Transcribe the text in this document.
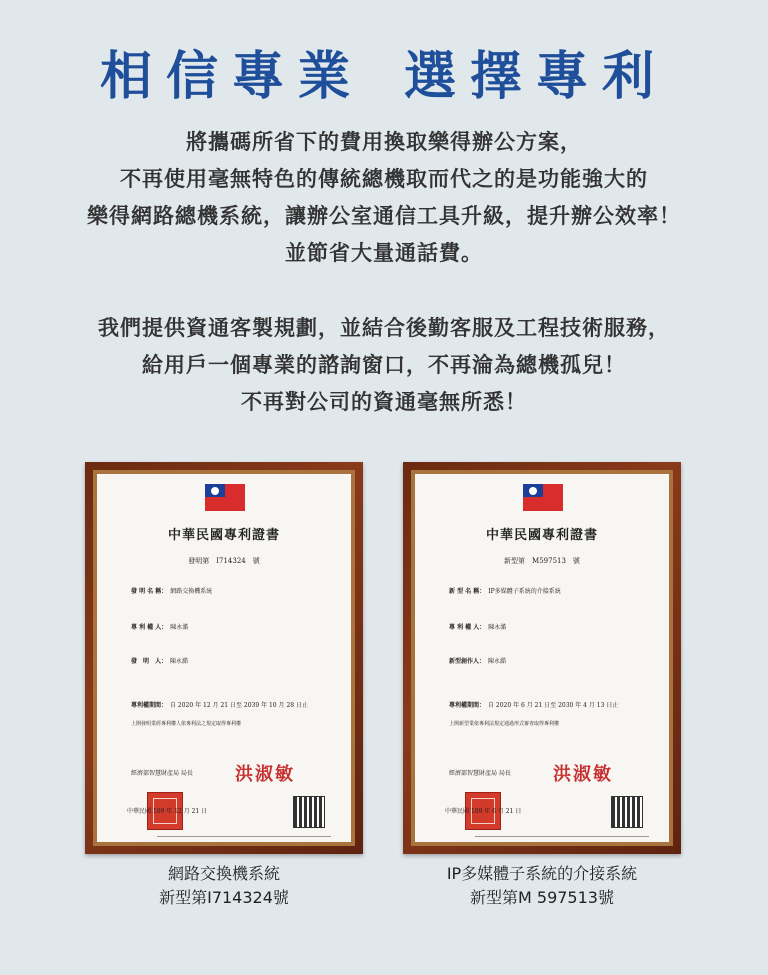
相信專業 選擇專利

將攜碼所省下的費用換取樂得辦公方案，

不再使用毫無特色的傳統總機取而代之的是功能強大的

樂得網路總機系統，讓辦公室通信工具升級，提升辦公效率！

並節省大量通話費。

我們提供資通客製規劃，並結合後勤客服及工程技術服務，

給用戶一個專業的諮詢窗口，不再淪為總機孤兒！

不再對公司的資通毫無所悉！

中華民國專利證書
發明第　I714324　號
發 明 名 稱： 網路交換機系統
專 利 權 人： 陳永澔
發　明　人： 陳永澔
專利權期間： 自 2020 年 12 月 21 日至 2039 年 10 月 28 日止
上開發明業經專利權人依專利法之規定取得專利權
經濟部智慧財產局 局長 洪淑敏
中華民國 109 年 12 月 21 日
中華民國專利證書
新型第　M597513　號
新 型 名 稱： IP多媒體子系統的介接系統
專 利 權 人： 陳永澔
新型創作人： 陳永澔
專利權期間： 自 2020 年 6 月 21 日至 2030 年 4 月 13 日止
上開新型業依專利法規定通過形式審查取得專利權
經濟部智慧財產局 局長 洪淑敏
中華民國 109 年 6 月 21 日

網路交換機系統

新型第I714324號

IP多媒體子系統的介接系統

新型第M 597513號
